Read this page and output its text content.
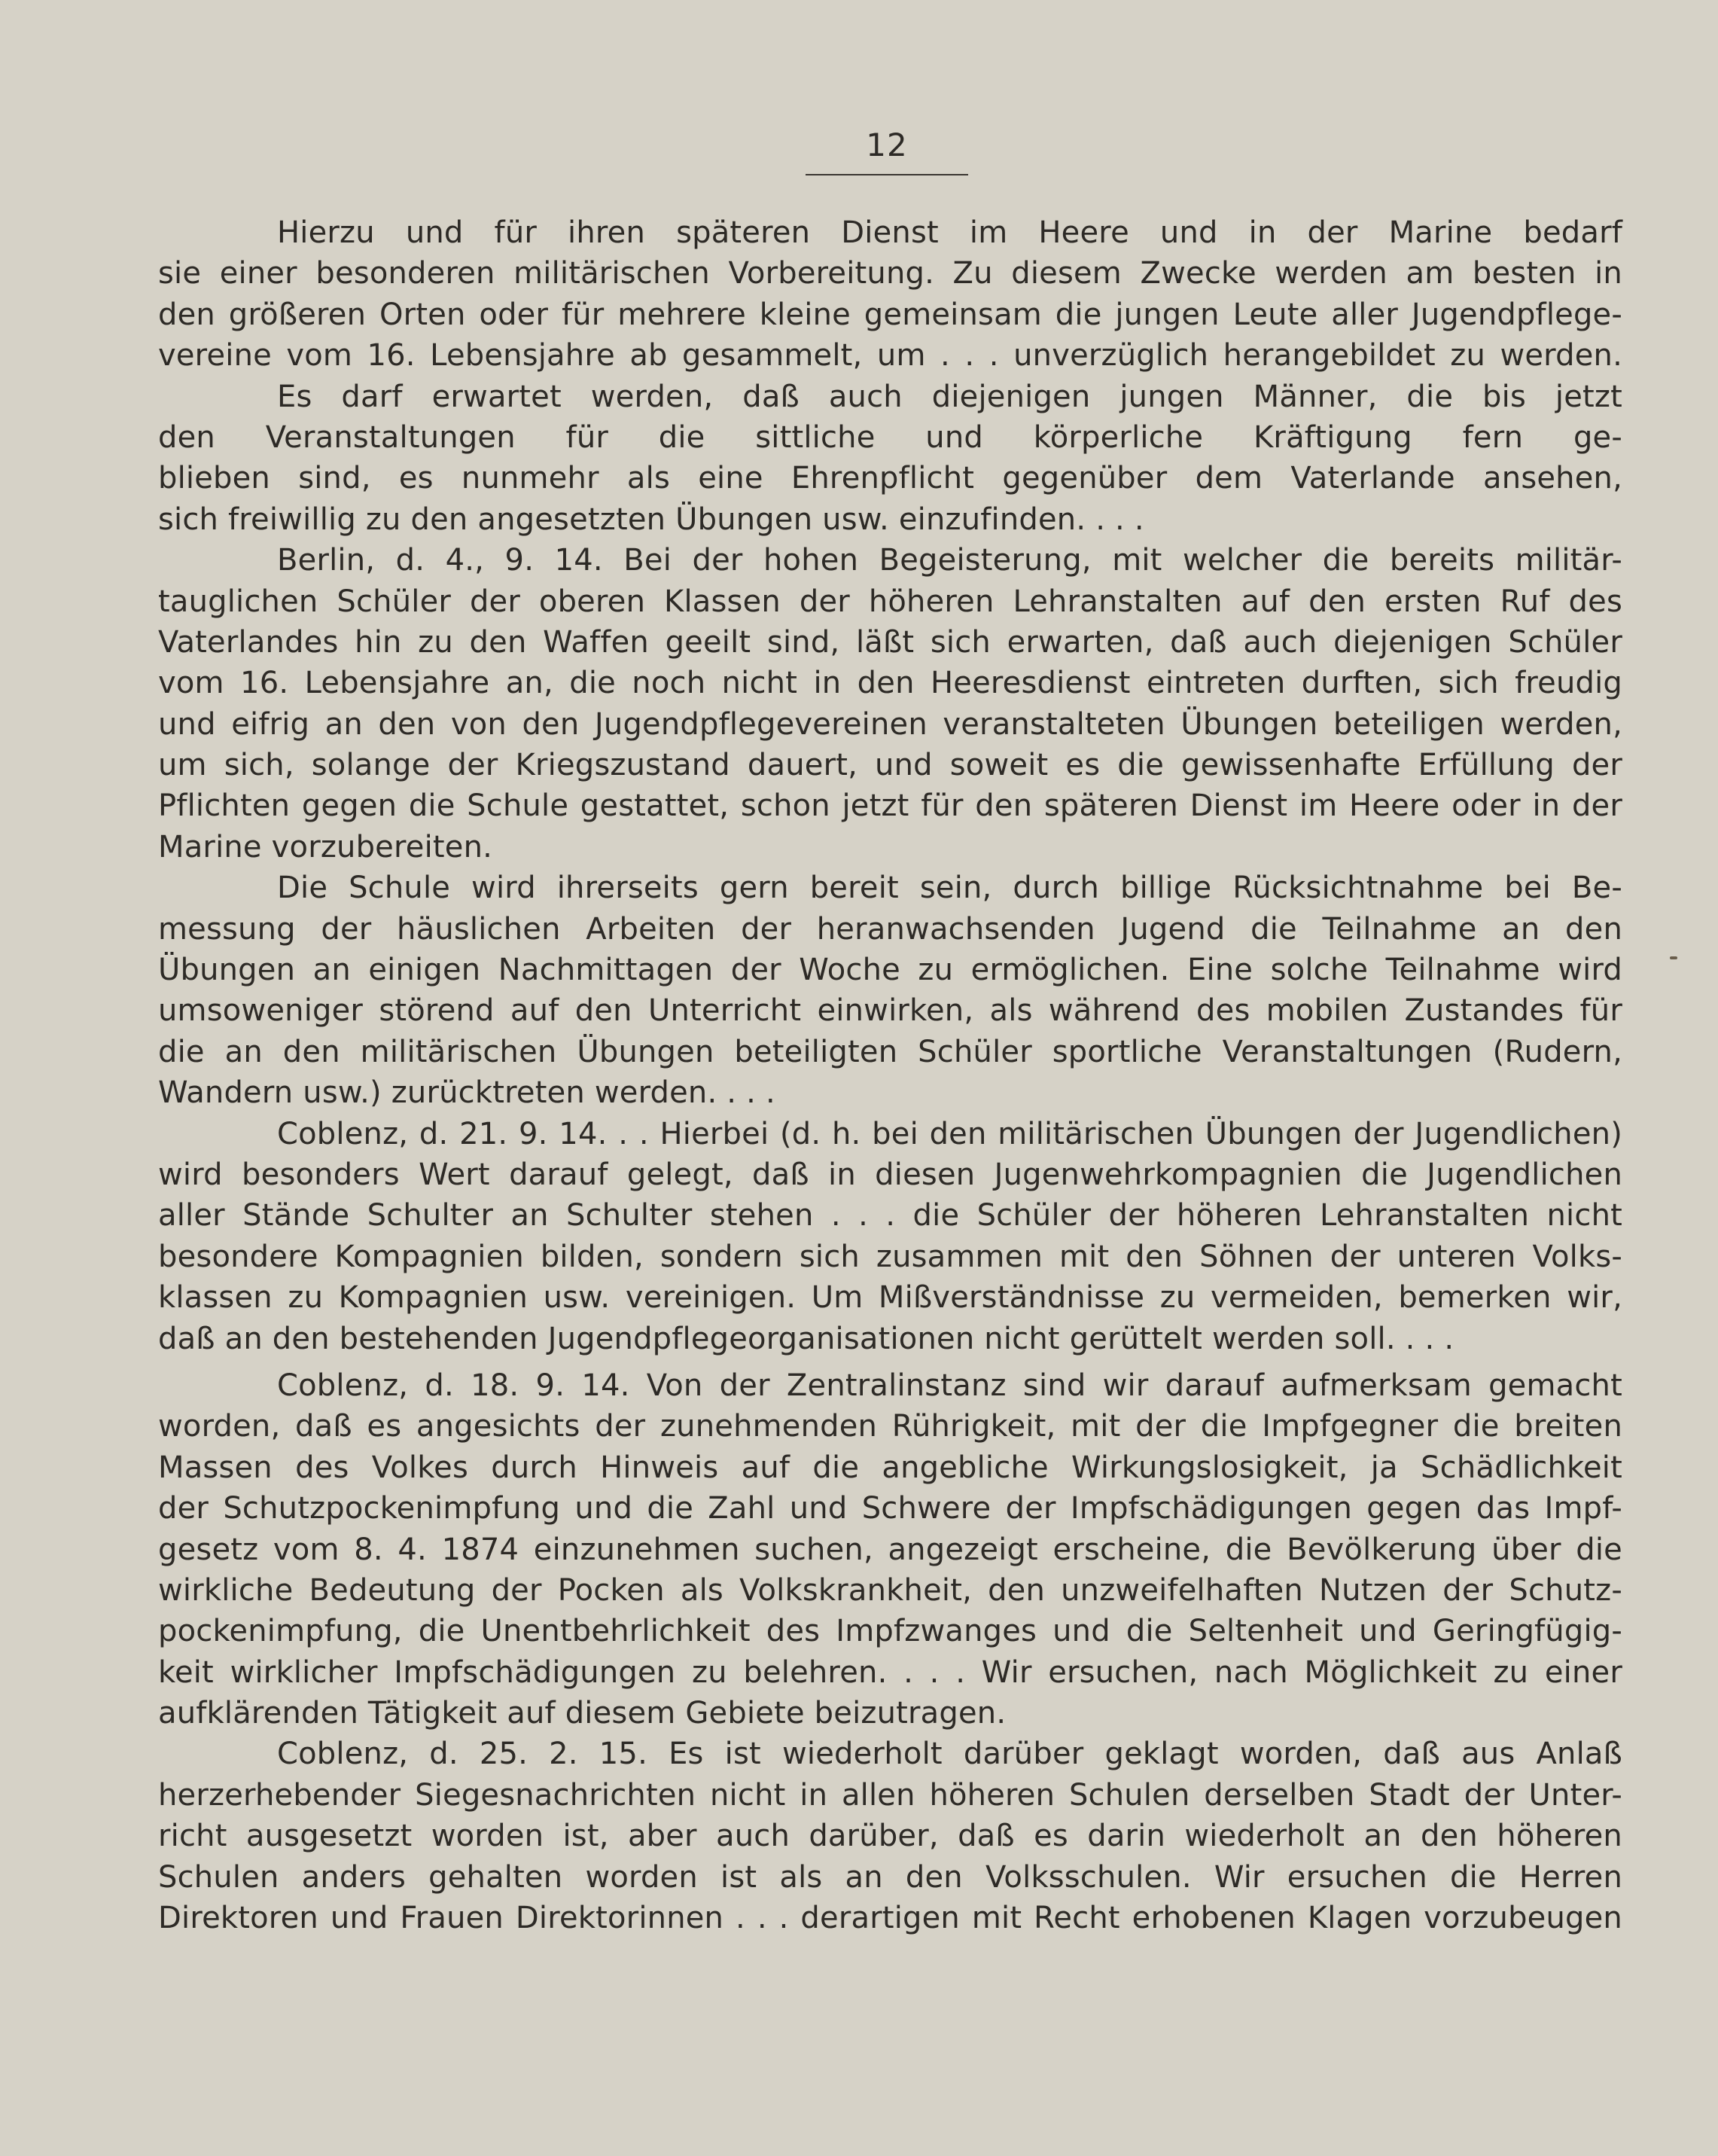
12
Hierzu und für ihren späteren Dienst im Heere und in der Marine bedarf
sie einer besonderen militärischen Vorbereitung. Zu diesem Zwecke werden am besten in
den größeren Orten oder für mehrere kleine gemeinsam die jungen Leute aller Jugendpflege-
vereine vom 16. Lebensjahre ab gesammelt, um . . . unverzüglich herangebildet zu werden.
Es darf erwartet werden, daß auch diejenigen jungen Männer, die bis jetzt
den Veranstaltungen für die sittliche und körperliche Kräftigung fern ge-
blieben sind, es nunmehr als eine Ehrenpflicht gegenüber dem Vaterlande ansehen,
sich freiwillig zu den angesetzten Übungen usw. einzufinden. . . .
Berlin, d. 4., 9. 14. Bei der hohen Begeisterung, mit welcher die bereits militär-
tauglichen Schüler der oberen Klassen der höheren Lehranstalten auf den ersten Ruf des
Vaterlandes hin zu den Waffen geeilt sind, läßt sich erwarten, daß auch diejenigen Schüler
vom 16. Lebensjahre an, die noch nicht in den Heeresdienst eintreten durften, sich freudig
und eifrig an den von den Jugendpflegevereinen veranstalteten Übungen beteiligen werden,
um sich, solange der Kriegszustand dauert, und soweit es die gewissenhafte Erfüllung der
Pflichten gegen die Schule gestattet, schon jetzt für den späteren Dienst im Heere oder in der
Marine vorzubereiten.
Die Schule wird ihrerseits gern bereit sein, durch billige Rücksichtnahme bei Be-
messung der häuslichen Arbeiten der heranwachsenden Jugend die Teilnahme an den
Übungen an einigen Nachmittagen der Woche zu ermöglichen. Eine solche Teilnahme wird
umsoweniger störend auf den Unterricht einwirken, als während des mobilen Zustandes für
die an den militärischen Übungen beteiligten Schüler sportliche Veranstaltungen (Rudern,
Wandern usw.) zurücktreten werden. . . .
Coblenz, d. 21. 9. 14. . . Hierbei (d. h. bei den militärischen Übungen der Jugendlichen)
wird besonders Wert darauf gelegt, daß in diesen Jugenwehrkompagnien die Jugendlichen
aller Stände Schulter an Schulter stehen . . . die Schüler der höheren Lehranstalten nicht
besondere Kompagnien bilden, sondern sich zusammen mit den Söhnen der unteren Volks-
klassen zu Kompagnien usw. vereinigen. Um Mißverständnisse zu vermeiden, bemerken wir,
daß an den bestehenden Jugendpflegeorganisationen nicht gerüttelt werden soll. . . .
Coblenz, d. 18. 9. 14. Von der Zentralinstanz sind wir darauf aufmerksam gemacht
worden, daß es angesichts der zunehmenden Rührigkeit, mit der die Impfgegner die breiten
Massen des Volkes durch Hinweis auf die angebliche Wirkungslosigkeit, ja Schädlichkeit
der Schutzpockenimpfung und die Zahl und Schwere der Impfschädigungen gegen das Impf-
gesetz vom 8. 4. 1874 einzunehmen suchen, angezeigt erscheine, die Bevölkerung über die
wirkliche Bedeutung der Pocken als Volkskrankheit, den unzweifelhaften Nutzen der Schutz-
pockenimpfung, die Unentbehrlichkeit des Impfzwanges und die Seltenheit und Geringfügig-
keit wirklicher Impfschädigungen zu belehren. . . . Wir ersuchen, nach Möglichkeit zu einer
aufklärenden Tätigkeit auf diesem Gebiete beizutragen.
Coblenz, d. 25. 2. 15. Es ist wiederholt darüber geklagt worden, daß aus Anlaß
herzerhebender Siegesnachrichten nicht in allen höheren Schulen derselben Stadt der Unter-
richt ausgesetzt worden ist, aber auch darüber, daß es darin wiederholt an den höheren
Schulen anders gehalten worden ist als an den Volksschulen. Wir ersuchen die Herren
Direktoren und Frauen Direktorinnen . . . derartigen mit Recht erhobenen Klagen vorzubeugen
